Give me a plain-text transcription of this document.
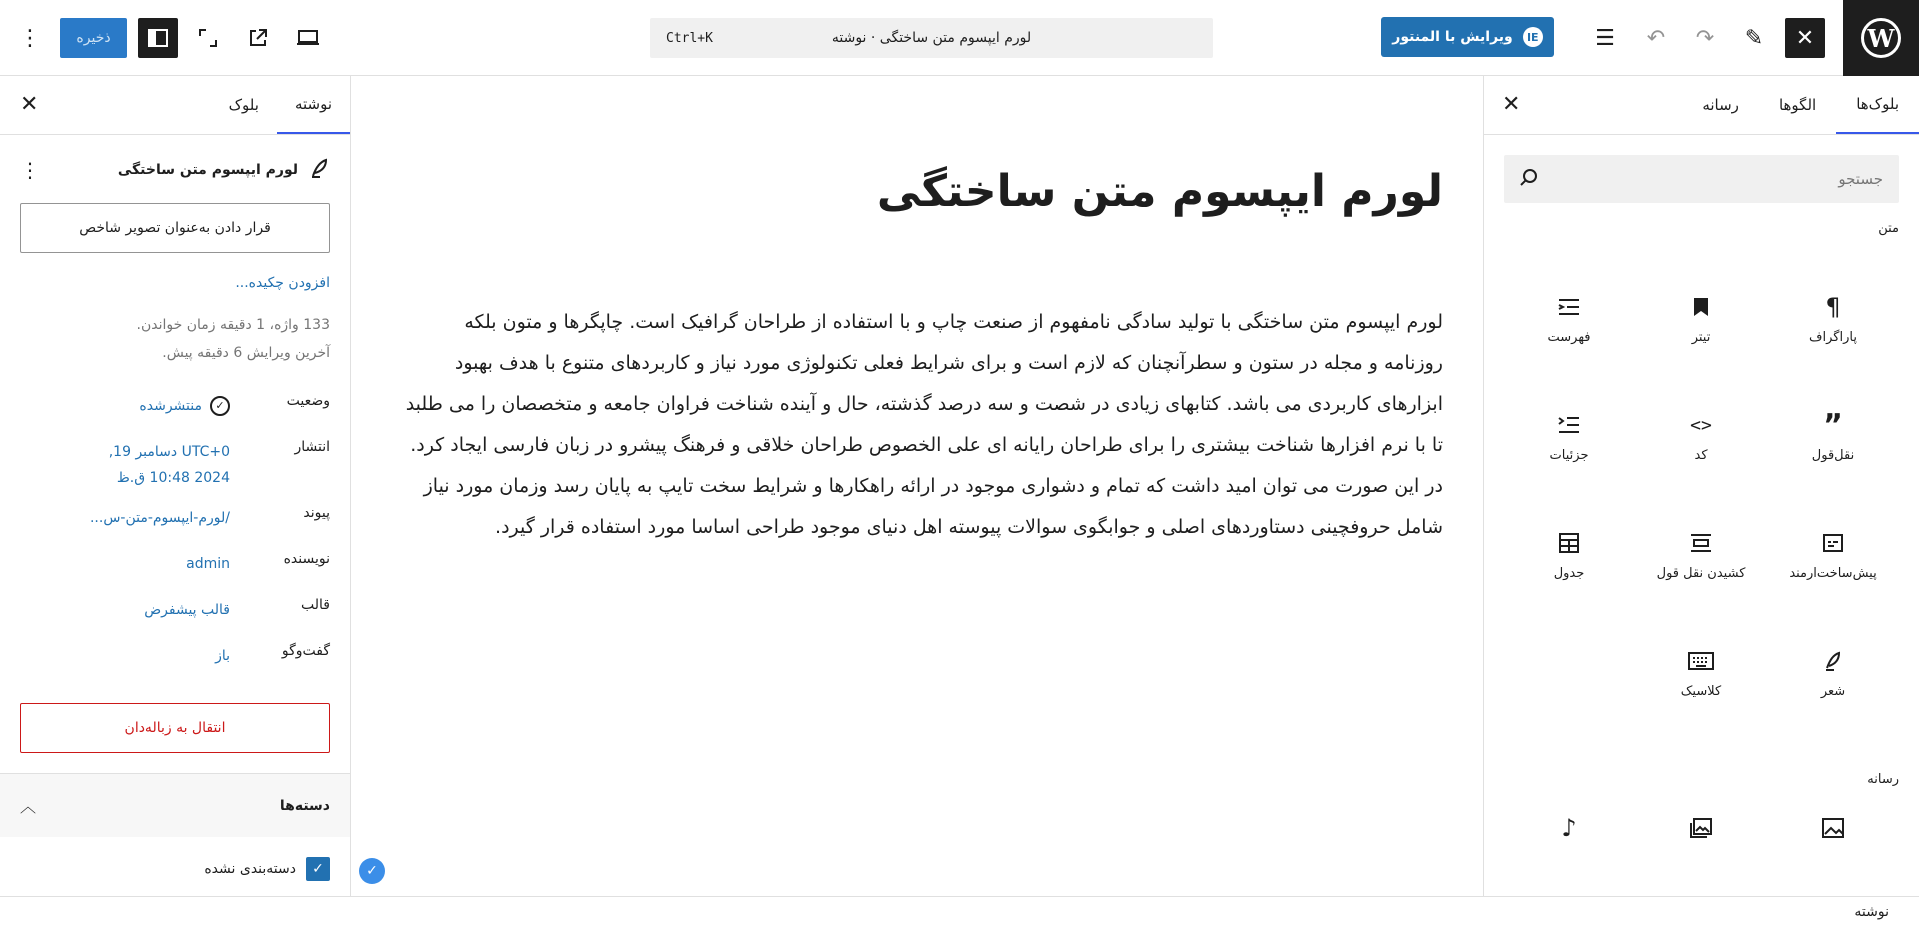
W
✕
✎
↷
↶
☰
IE
ویرایش با المنتور
Ctrl+K	لورم ایپسوم متن ساختگی · نوشته
ذخیره
⋮
نوشته
بلوک
✕
لورم ایپسوم متن ساختگی
⋮
قرار دادن به‌عنوان تصویر شاخص
افزودن چکیده...
133 واژه، 1 دقیقه زمان خواندن.
آخرین ویرایش 6 دقیقه پیش.
وضعیت
✓
منتشرشده
انتشار
UTC+0 دسامبر 19,
2024 10:48 ق.ظ
پیوند
/لورم-ایپسوم-متن-س...
نویسنده
admin
قالب
قالب پیشفرض
گفت‌وگو
باز
انتقال به زباله‌دان
دسته‌ها
︿
✓
دسته‌بندی نشده
لورم ایپسوم متن ساختگی

لورم ایپسوم متن ساختگی با تولید سادگی نامفهوم از صنعت چاپ و با استفاده از طراحان گرافیک است. چاپگرها و متون بلکه روزنامه و مجله در ستون و سطرآنچنان که لازم است و برای شرایط فعلی تکنولوژی مورد نیاز و کاربردهای متنوع با هدف بهبود ابزارهای کاربردی می باشد. کتابهای زیادی در شصت و سه درصد گذشته، حال و آینده شناخت فراوان جامعه و متخصصان را می طلبد تا با نرم افزارها شناخت بیشتری را برای طراحان رایانه ای علی الخصوص طراحان خلاقی و فرهنگ پیشرو در زبان فارسی ایجاد کرد. در این صورت می توان امید داشت که تمام و دشواری موجود در ارائه راهکارها و شرایط سخت تایپ به پایان رسد وزمان مورد نیاز شامل حروفچینی دستاوردهای اصلی و جوابگوی سوالات پیوسته اهل دنیای موجود طراحی اساسا مورد استفاده قرار گیرد.

✓
بلوک‌ها
الگوها
رسانه
✕
جستجو
متن
¶
پاراگراف
تیتر
فهرست
”
نقل‌قول
<>
کد
جزئیات
پیش‌ساخت‌ارمند
کشیدن نقل قول
جدول
شعر
کلاسیک
رسانه
♪
نوشته
